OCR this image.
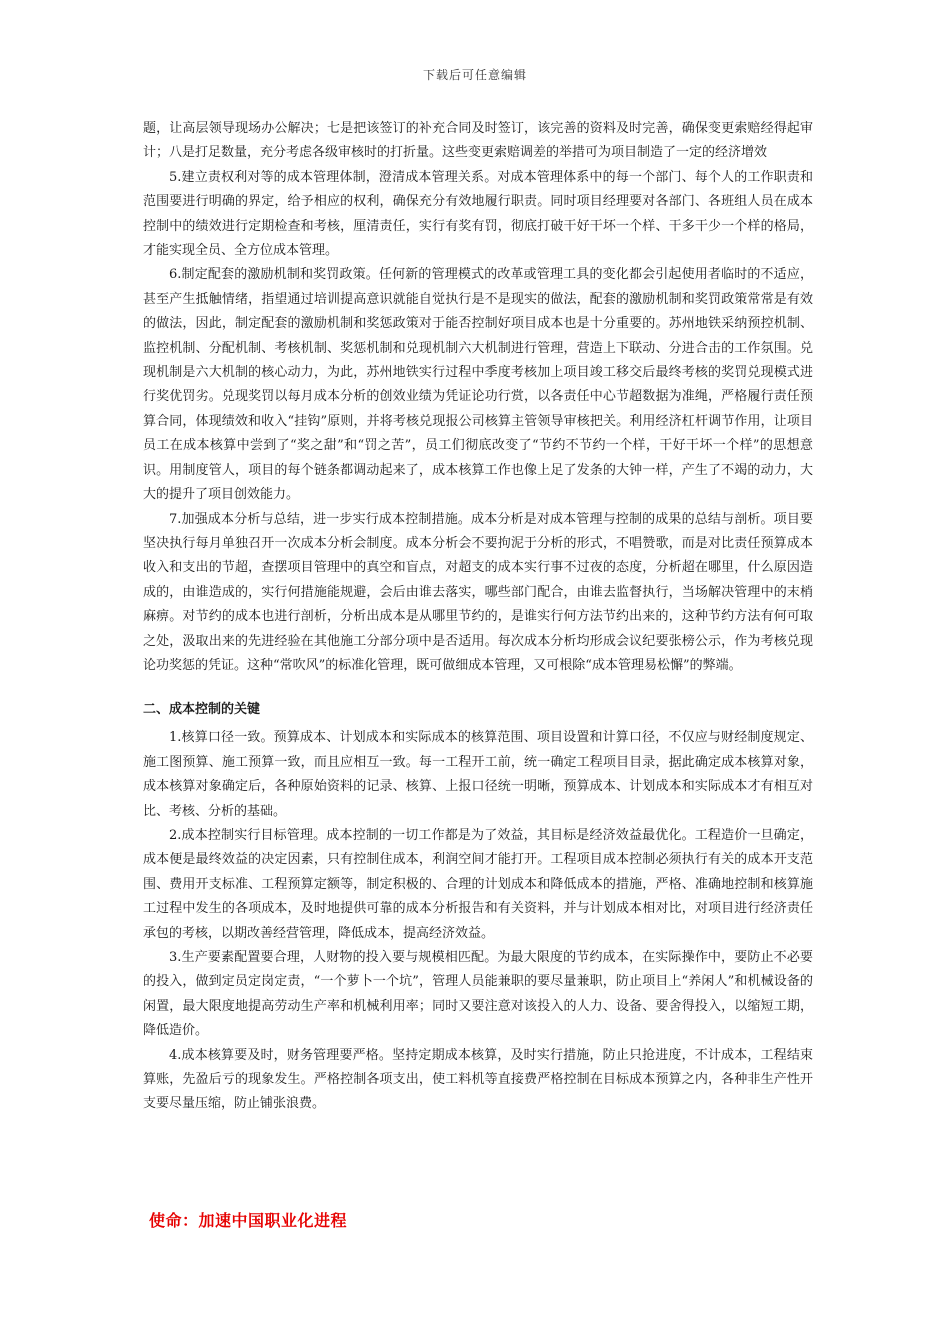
下载后可任意编辑

题，让高层领导现场办公解决；七是把该签订的补充合同及时签订，该完善的资料及时完善，确保变更索赔经得起审计；八是打足数量，充分考虑各级审核时的打折量。这些变更索赔调差的举措可为项目制造了一定的经济增效

5.建立责权利对等的成本管理体制，澄清成本管理关系。对成本管理体系中的每一个部门、每个人的工作职责和范围要进行明确的界定，给予相应的权利，确保充分有效地履行职责。同时项目经理要对各部门、各班组人员在成本控制中的绩效进行定期检查和考核，厘清责任，实行有奖有罚，彻底打破干好干坏一个样、干多干少一个样的格局，才能实现全员、全方位成本管理。

6.制定配套的激励机制和奖罚政策。任何新的管理模式的改革或管理工具的变化都会引起使用者临时的不适应，甚至产生抵触情绪，指望通过培训提高意识就能自觉执行是不是现实的做法，配套的激励机制和奖罚政策常常是有效的做法，因此，制定配套的激励机制和奖惩政策对于能否控制好项目成本也是十分重要的。苏州地铁采纳预控机制、监控机制、分配机制、考核机制、奖惩机制和兑现机制六大机制进行管理，营造上下联动、分进合击的工作氛围。兑现机制是六大机制的核心动力，为此，苏州地铁实行过程中季度考核加上项目竣工移交后最终考核的奖罚兑现模式进行奖优罚劣。兑现奖罚以每月成本分析的创效业绩为凭证论功行赏，以各责任中心节超数据为准绳，严格履行责任预算合同，体现绩效和收入“挂钩”原则，并将考核兑现报公司核算主管领导审核把关。利用经济杠杆调节作用，让项目员工在成本核算中尝到了“奖之甜”和“罚之苦”，员工们彻底改变了“节约不节约一个样，干好干坏一个样”的思想意识。用制度管人，项目的每个链条都调动起来了，成本核算工作也像上足了发条的大钟一样，产生了不竭的动力，大大的提升了项目创效能力。

7.加强成本分析与总结，进一步实行成本控制措施。成本分析是对成本管理与控制的成果的总结与剖析。项目要坚决执行每月单独召开一次成本分析会制度。成本分析会不要拘泥于分析的形式，不唱赞歌，而是对比责任预算成本收入和支出的节超，查摆项目管理中的真空和盲点，对超支的成本实行事不过夜的态度，分析超在哪里，什么原因造成的，由谁造成的，实行何措施能规避，会后由谁去落实，哪些部门配合，由谁去监督执行，当场解决管理中的末梢麻痹。对节约的成本也进行剖析，分析出成本是从哪里节约的，是谁实行何方法节约出来的，这种节约方法有何可取之处，汲取出来的先进经验在其他施工分部分项中是否适用。每次成本分析均形成会议纪要张榜公示，作为考核兑现论功奖惩的凭证。这种“常吹风”的标准化管理，既可做细成本管理，又可根除“成本管理易松懈”的弊端。

二、成本控制的关键

1.核算口径一致。预算成本、计划成本和实际成本的核算范围、项目设置和计算口径，不仅应与财经制度规定、施工图预算、施工预算一致，而且应相互一致。每一工程开工前，统一确定工程项目目录，据此确定成本核算对象，成本核算对象确定后，各种原始资料的记录、核算、上报口径统一明晰，预算成本、计划成本和实际成本才有相互对比、考核、分析的基础。

2.成本控制实行目标管理。成本控制的一切工作都是为了效益，其目标是经济效益最优化。工程造价一旦确定，成本便是最终效益的决定因素，只有控制住成本，利润空间才能打开。工程项目成本控制必须执行有关的成本开支范围、费用开支标准、工程预算定额等，制定积极的、合理的计划成本和降低成本的措施，严格、准确地控制和核算施工过程中发生的各项成本，及时地提供可靠的成本分析报告和有关资料，并与计划成本相对比，对项目进行经济责任承包的考核，以期改善经营管理，降低成本，提高经济效益。

3.生产要素配置要合理，人财物的投入要与规模相匹配。为最大限度的节约成本，在实际操作中，要防止不必要的投入，做到定员定岗定责，“一个萝卜一个坑”，管理人员能兼职的要尽量兼职，防止项目上“养闲人”和机械设备的闲置，最大限度地提高劳动生产率和机械利用率；同时又要注意对该投入的人力、设备、要舍得投入，以缩短工期，降低造价。

4.成本核算要及时，财务管理要严格。坚持定期成本核算，及时实行措施，防止只抢进度，不计成本，工程结束算账，先盈后亏的现象发生。严格控制各项支出，使工料机等直接费严格控制在目标成本预算之内，各种非生产性开支要尽量压缩，防止铺张浪费。

使命：加速中国职业化进程
